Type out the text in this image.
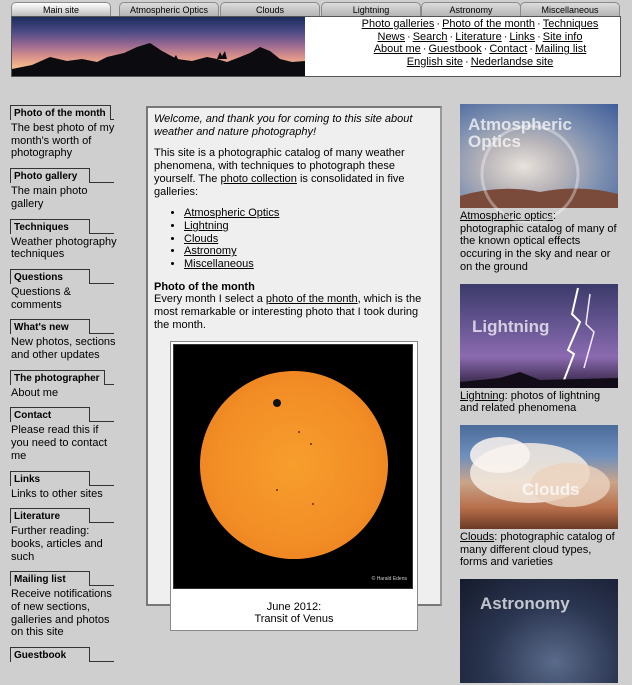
Main site	Atmospheric Optics	Clouds	Lightning	Astronomy	Miscellaneous
Photo galleries · Photo of the month · Techniques
News · Search · Literature · Links · Site info
About me · Guestbook · Contact · Mailing list
English site · Nederlandse site
Photo of the month
The best photo of my month's worth of photography
Photo gallery
The main photo gallery
Techniques
Weather photography techniques
Questions
Questions & comments
What's new
New photos, sections and other updates
The photographer
About me
Contact
Please read this if you need to contact me
Links
Links to other sites
Literature
Further reading: books, articles and such
Mailing list
Receive notifications of new sections, galleries and photos on this site
Guestbook

Welcome, and thank you for coming to this site about weather and nature photography!

This site is a photographic catalog of many weather phenomena, with techniques to photograph these yourself. The photo collection is consolidated in five galleries:

• Atmospheric Optics
• Lightning
• Clouds
• Astronomy
• Miscellaneous
Photo of the month

Every month I select a photo of the month, which is the most remarkable or interesting photo that I took during the month.

© Harald Edens
June 2012:
Transit of Venus
Atmospheric Optics
Atmospheric optics: photographic catalog of many of the known optical effects occuring in the sky and near or on the ground
Lightning
Lightning: photos of lightning and related phenomena
Clouds
Clouds: photographic catalog of many different cloud types, forms and varieties
Astronomy
